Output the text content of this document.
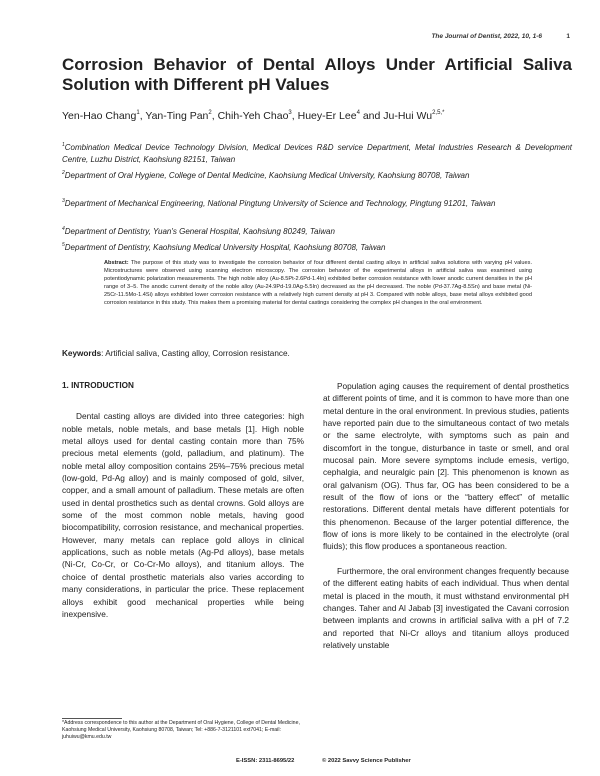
The Journal of Dentist, 2022, 10, 1-6	1
Corrosion Behavior of Dental Alloys Under Artificial Saliva Solution with Different pH Values
Yen-Hao Chang$^1$, Yan-Ting Pan$^2$, Chih-Yeh Chao$^3$, Huey-Er Lee$^4$ and Ju-Hui $Wu^{2,5,*}$
$^1$Combination Medical Device Technology Division, Medical Devices R&D service Department, Metal Industries Research & Development Centre, Luzhu District, Kaohsiung 82151, Taiwan
$^2$Department of Oral Hygiene, College of Dental Medicine, Kaohsiung Medical University, Kaohsiung 80708, Taiwan
$^3$Department of Mechanical Engineering, National Pingtung University of Science and Technology, Pingtung 91201, Taiwan
$^4$Department of Dentistry, Yuan's General Hospital, Kaohsiung 80249, Taiwan
$^5$Department of Dentistry, Kaohsiung Medical University Hospital, Kaohsiung 80708, Taiwan
Abstract: The purpose of this study was to investigate the corrosion behavior of four different dental casting alloys in artificial saliva solutions with varying pH values. Microstructures were observed using scanning electron microscopy. The corrosion behavior of the experimental alloys in artificial saliva was examined using potentiodynamic polarization measurements. The high noble alloy (Au-8.5Pt-2.6Pd-1.4In) exhibited better corrosion resistance with lower anodic current densities in the pH range of 3–5. The anodic current density of the noble alloy (Au-24.9Pd-19.0Ag-5.5In) decreased as the pH decreased. The noble (Pd-37.7Ag-8.5Sn) and base metal (Ni-25Cr-11.5Mo-1.4Si) alloys exhibited lower corrosion resistance with a relatively high current density at pH 3. Compared with noble alloys, base metal alloys exhibited good corrosion resistance in this study. This makes them a promising material for dental castings considering the complex pH changes in the oral environment.
Keywords: Artificial saliva, Casting alloy, Corrosion resistance.
1. INTRODUCTION

Dental casting alloys are divided into three categories: high noble metals, noble metals, and base metals [1]. High noble metal alloys used for dental casting contain more than 75% precious metal elements (gold, palladium, and platinum). The noble metal alloy composition contains 25%–75% precious metal (low-gold, Pd-Ag alloy) and is mainly composed of gold, silver, copper, and a small amount of palladium. These metals are often used in dental prosthetics such as dental crowns. Gold alloys are some of the most common noble metals, having good biocompatibility, corrosion resistance, and mechanical properties. However, many metals can replace gold alloys in clinical applications, such as noble metals (Ag-Pd alloys), base metals (Ni-Cr, Co-Cr, or Co-Cr-Mo alloys), and titanium alloys. The choice of dental prosthetic materials also varies according to many considerations, in particular the price. These replacement alloys exhibit good mechanical properties while being inexpensive.

Population aging causes the requirement of dental prosthetics at different points of time, and it is common to have more than one metal denture in the oral environment. In previous studies, patients have reported pain due to the simultaneous contact of two metals or the same electrolyte, with symptoms such as pain and discomfort in the tongue, disturbance in taste or smell, and oral mucosal pain. More severe symptoms include emesis, vertigo, cephalgia, and neuralgic pain [2]. This phenomenon is known as oral galvanism (OG). Thus far, OG has been considered to be a result of the flow of ions or the “battery effect” of metallic restorations. Different dental metals have different potentials for this phenomenon. Because of the larger potential difference, the flow of ions is more likely to be contained in the electrolyte (oral fluids); this flow produces a spontaneous reaction.

Furthermore, the oral environment changes frequently because of the different eating habits of each individual. Thus when dental metal is placed in the mouth, it must withstand environmental pH changes. Taher and Al Jabab [3] investigated the Cavani corrosion between implants and crowns in artificial saliva with a pH of 7.2 and reported that Ni-Cr alloys and titanium alloys produced relatively unstable

*Address correspondence to this author at the Department of Oral Hygiene, College of Dental Medicine, Kaohsiung Medical University, Kaohsiung 80708, Taiwan; Tel: +886-7-3121101 ext7041; E-mail: juhuiwu@kmu.edu.tw
E-ISSN: 2311-8695/22	© 2022 Savvy Science Publisher
